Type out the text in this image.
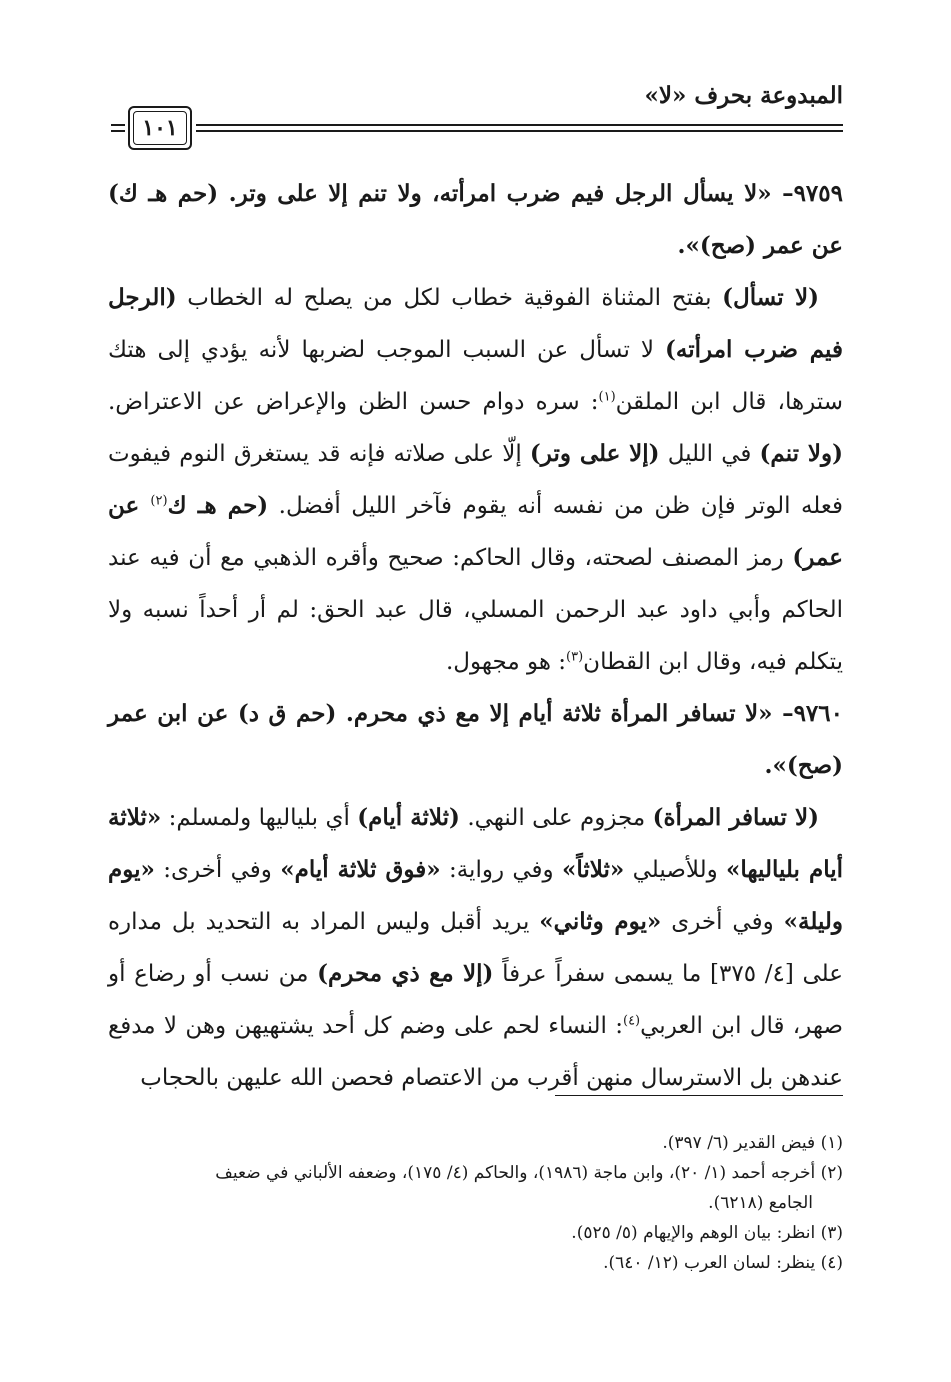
المبدوعة بحرف «لا»
١٠١

٩٧٥٩– «لا يسأل الرجل فيم ضرب امرأته، ولا تنم إلا على وتر. (حم هـ ك) عن عمر (صح)».

(لا تسأل) بفتح المثناة الفوقية خطاب لكل من يصلح له الخطاب (الرجل فيم ضرب امرأته) لا تسأل عن السبب الموجب لضربها لأنه يؤدي إلى هتك سترها، قال ابن الملقن$^{(١)}$: سره دوام حسن الظن والإعراض عن الاعتراض. (ولا تنم) في الليل (إلا على وتر) إلّا على صلاته فإنه قد يستغرق النوم فيفوت فعله الوتر فإن ظن من نفسه أنه يقوم فآخر الليل أفضل. (حم هـ ك$^{(٢)}$ عن عمر) رمز المصنف لصحته، وقال الحاكم: صحيح وأقره الذهبي مع أن فيه عند الحاكم وأبي داود عبد الرحمن المسلي، قال عبد الحق: لم أر أحداً نسبه ولا يتكلم فيه، وقال ابن القطان$^{(٣)}$: هو مجهول.

٩٧٦٠– «لا تسافر المرأة ثلاثة أيام إلا مع ذي محرم. (حم ق د) عن ابن عمر (صح)».

(لا تسافر المرأة) مجزوم على النهي. (ثلاثة أيام) أي بلياليها ولمسلم: «ثلاثة أيام بلياليها» وللأصيلي «ثلاثاً» وفي رواية: «فوق ثلاثة أيام» وفي أخرى: «يوم وليلة» وفي أخرى «يوم وثاني» يريد أقبل وليس المراد به التحديد بل مداره على [٤/ ٣٧٥] ما يسمى سفراً عرفاً (إلا مع ذي محرم) من نسب أو رضاع أو صهر، قال ابن العربي$^{(٤)}$: النساء لحم على وضم كل أحد يشتهيهن وهن لا مدفع عندهن بل الاسترسال منهن أقرب من الاعتصام فحصن الله عليهن بالحجاب

(١) فيض القدير (٦/ ٣٩٧).

(٢) أخرجه أحمد (١/ ٢٠)، وابن ماجة (١٩٨٦)، والحاكم (٤/ ١٧٥)، وضعفه الألباني في ضعيف

الجامع (٦٢١٨).

(٣) انظر: بيان الوهم والإيهام (٥/ ٥٢٥).

(٤) ينظر: لسان العرب (١٢/ ٦٤٠).
